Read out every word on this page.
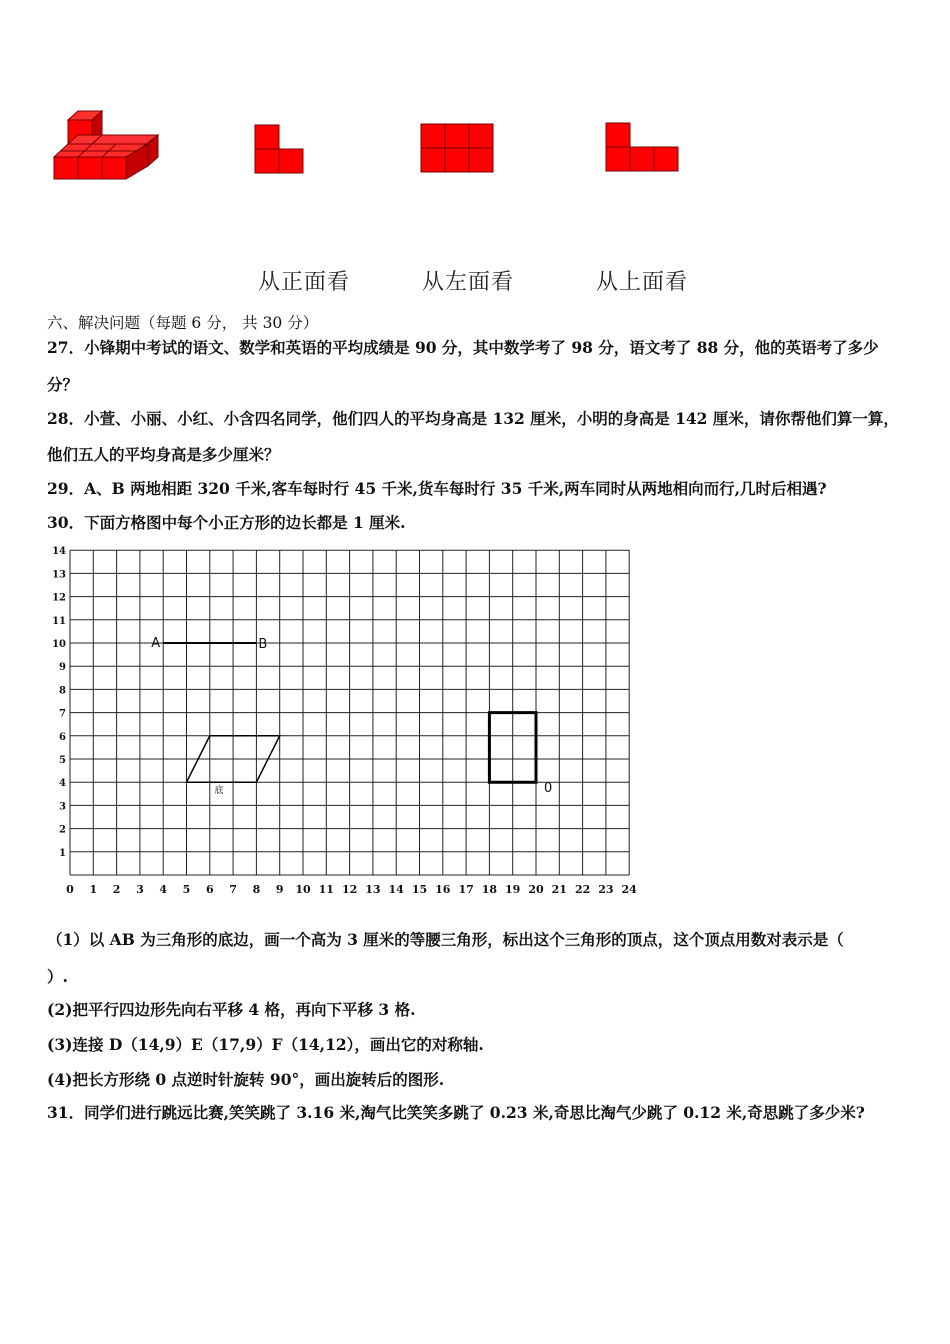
从正面看	从左面看	从上面看
六、解决问题（每题 6 分， 共 30 分）
27．小锋期中考试的语文、数学和英语的平均成绩是 90 分，其中数学考了 98 分，语文考了 88 分，他的英语考了多少
分？
28．小萱、小丽、小红、小含四名同学，他们四人的平均身高是 132 厘米，小明的身高是 142 厘米，请你帮他们算一算，
他们五人的平均身高是多少厘米？
29．A、B 两地相距 320 千米,客车每时行 45 千米,货车每时行 35 千米,两车同时从两地相向而行,几时后相遇?
30．下面方格图中每个小正方形的边长都是 1 厘米.
0 1 2 3 4 5 6 7 8 9 10 11 12 13 14 15 16 17 18 19 20 21 22 23 24
1
2
3
4
5
6
7
8
9
10
11
12
13
14
A	B
底	0
（1）以 AB 为三角形的底边，画一个高为 3 厘米的等腰三角形，标出这个三角形的顶点，这个顶点用数对表示是（
）.
(2)把平行四边形先向右平移 4 格，再向下平移 3 格.
(3)连接 D（14,9）E（17,9）F（14,12），画出它的对称轴.
(4)把长方形绕 0 点逆时针旋转 90°，画出旋转后的图形.
31．同学们进行跳远比赛,笑笑跳了 3.16 米,淘气比笑笑多跳了 0.23 米,奇思比淘气少跳了 0.12 米,奇思跳了多少米?
